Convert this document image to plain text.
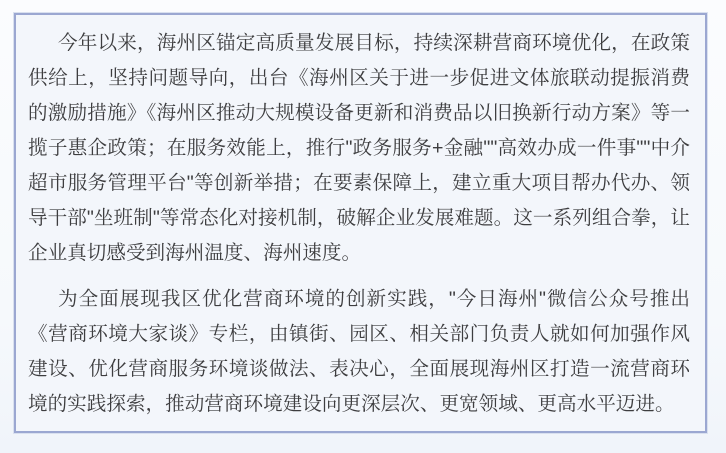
今年以来，海州区锚定高质量发展目标，持续深耕营商环境优化，在政策供给上，坚持问题导向，出台《海州区关于进一步促进文体旅联动提振消费的激励措施》《海州区推动大规模设备更新和消费品以旧换新行动方案》等一揽子惠企政策；在服务效能上，推行"政务服务+金融""高效办成一件事""中介超市服务管理平台"等创新举措；在要素保障上，建立重大项目帮办代办、领导干部"坐班制"等常态化对接机制，破解企业发展难题。这一系列组合拳，让企业真切感受到海州温度、海州速度。

为全面展现我区优化营商环境的创新实践，"今日海州"微信公众号推出《营商环境大家谈》专栏，由镇街、园区、相关部门负责人就如何加强作风建设、优化营商服务环境谈做法、表决心，全面展现海州区打造一流营商环境的实践探索，推动营商环境建设向更深层次、更宽领域、更高水平迈进。
